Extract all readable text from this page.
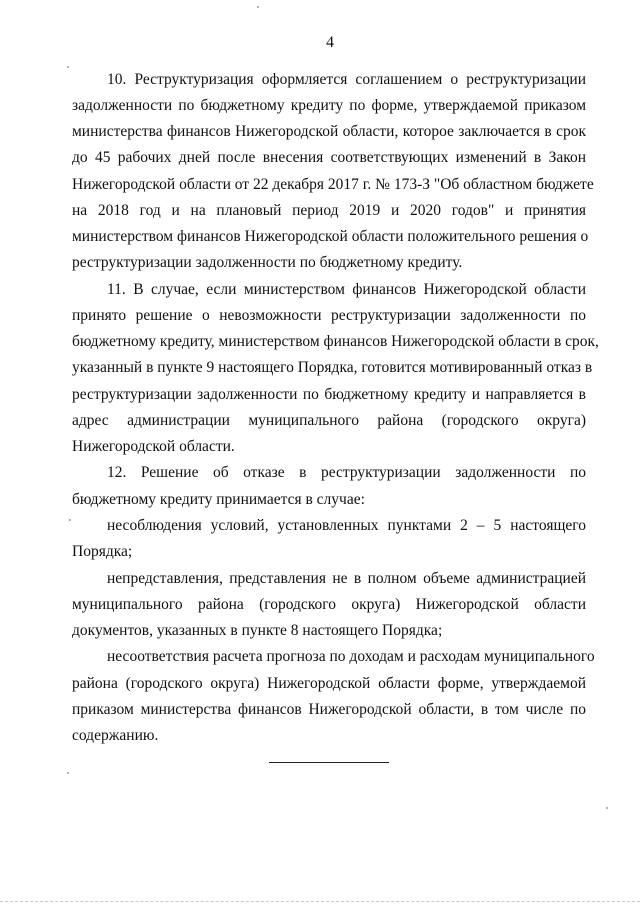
4
10. Реструктуризация оформляется соглашением о реструктуризации
задолженности по бюджетному кредиту по форме, утверждаемой приказом
министерства финансов Нижегородской области, которое заключается в срок
до 45 рабочих дней после внесения соответствующих изменений в Закон
Нижегородской области от 22 декабря 2017 г. № 173-З "Об областном бюджете
на 2018 год и на плановый период 2019 и 2020 годов" и принятия
министерством финансов Нижегородской области положительного решения о
реструктуризации задолженности по бюджетному кредиту.
11. В случае, если министерством финансов Нижегородской области
принято решение о невозможности реструктуризации задолженности по
бюджетному кредиту, министерством финансов Нижегородской области в срок,
указанный в пункте 9 настоящего Порядка, готовится мотивированный отказ в
реструктуризации задолженности по бюджетному кредиту и направляется в
адрес администрации муниципального района (городского округа)
Нижегородской области.
12. Решение об отказе в реструктуризации задолженности по
бюджетному кредиту принимается в случае:
несоблюдения условий, установленных пунктами 2 – 5 настоящего
Порядка;
непредставления, представления не в полном объеме администрацией
муниципального района (городского округа) Нижегородской области
документов, указанных в пункте 8 настоящего Порядка;
несоответствия расчета прогноза по доходам и расходам муниципального
района (городского округа) Нижегородской области форме, утверждаемой
приказом министерства финансов Нижегородской области, в том числе по
содержанию.
